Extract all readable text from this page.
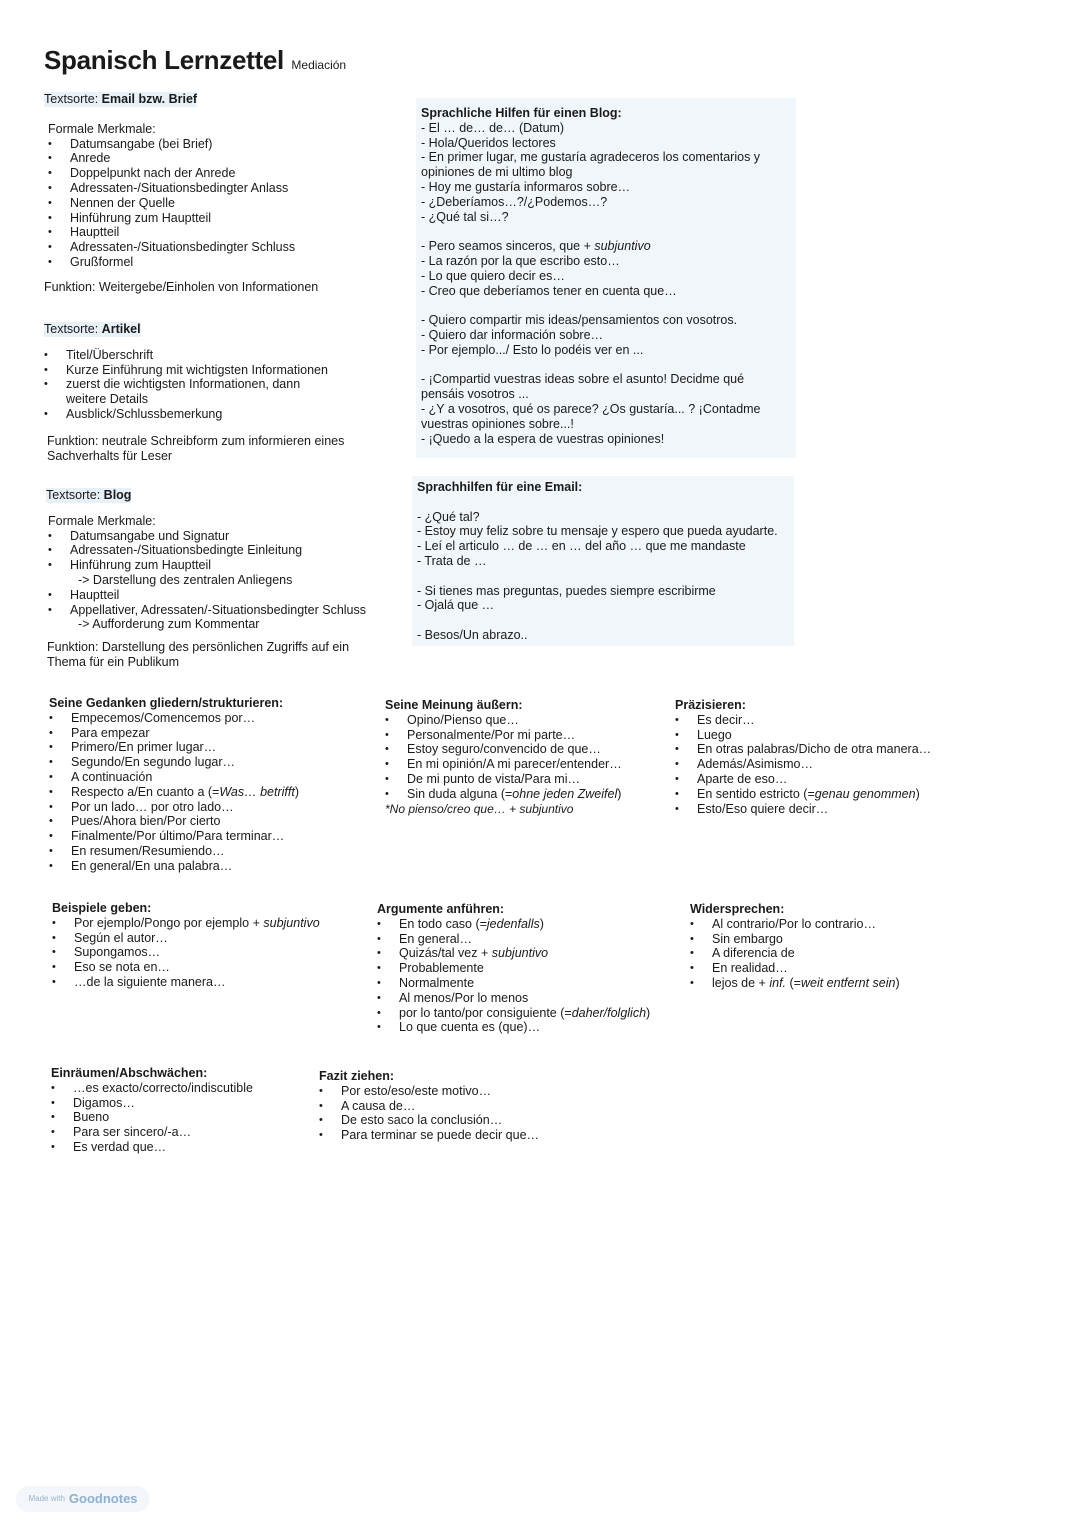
Spanisch Lernzettel Mediación
Textsorte: Email bzw. Brief
Formale Merkmale:
• Datumsangabe (bei Brief)
• Anrede
• Doppelpunkt nach der Anrede
• Adressaten-/Situationsbedingter Anlass
• Nennen der Quelle
• Hinführung zum Hauptteil
• Hauptteil
• Adressaten-/Situationsbedingter Schluss
• Grußformel
Funktion: Weitergebe/Einholen von Informationen
Textsorte: Artikel
• Titel/Überschrift
• Kurze Einführung mit wichtigsten Informationen
• zuerst die wichtigsten Informationen, dann
weitere Details
• Ausblick/Schlussbemerkung
Funktion: neutrale Schreibform zum informieren eines
Sachverhalts für Leser
Textsorte: Blog
Formale Merkmale:
• Datumsangabe und Signatur
• Adressaten-/Situationsbedingte Einleitung
• Hinführung zum Hauptteil
-> Darstellung des zentralen Anliegens
• Hauptteil
• Appellativer, Adressaten/-Situationsbedingter Schluss
-> Aufforderung zum Kommentar
Funktion: Darstellung des persönlichen Zugriffs auf ein
Thema für ein Publikum
Sprachliche Hilfen für einen Blog:
- El … de… de… (Datum)
- Hola/Queridos lectores
- En primer lugar, me gustaría agradeceros los comentarios y
opiniones de mi ultimo blog
- Hoy me gustaría informaros sobre…
- ¿Deberíamos…?/¿Podemos…?
- ¿Qué tal si…?
- Pero seamos sinceros, que + subjuntivo
- La razón por la que escribo esto…
- Lo que quiero decir es…
- Creo que deberíamos tener en cuenta que…
- Quiero compartir mis ideas/pensamientos con vosotros.
- Quiero dar información sobre…
- Por ejemplo.../ Esto lo podéis ver en ...
- ¡Compartid vuestras ideas sobre el asunto! Decidme qué
pensáis vosotros ...
- ¿Y a vosotros, qué os parece? ¿Os gustaría... ? ¡Contadme
vuestras opiniones sobre...!
- ¡Quedo a la espera de vuestras opiniones!
Sprachhilfen für eine Email:
- ¿Qué tal?
- Estoy muy feliz sobre tu mensaje y espero que pueda ayudarte.
- Leí el articulo … de … en … del año … que me mandaste
- Trata de …
- Si tienes mas preguntas, puedes siempre escribirme
- Ojalá que …
- Besos/Un abrazo..
Seine Gedanken gliedern/strukturieren:
• Empecemos/Comencemos por…
• Para empezar
• Primero/En primer lugar…
• Segundo/En segundo lugar…
• A continuación
• Respecto a/En cuanto a (=Was… betrifft)
• Por un lado… por otro lado…
• Pues/Ahora bien/Por cierto
• Finalmente/Por último/Para terminar…
• En resumen/Resumiendo…
• En general/En una palabra…
Seine Meinung äußern:
• Opino/Pienso que…
• Personalmente/Por mi parte…
• Estoy seguro/convencido de que…
• En mi opinión/A mi parecer/entender…
• De mi punto de vista/Para mi…
• Sin duda alguna (=ohne jeden Zweifel)
*No pienso/creo que… + subjuntivo
Präzisieren:
• Es decir…
• Luego
• En otras palabras/Dicho de otra manera…
• Además/Asimismo…
• Aparte de eso…
• En sentido estricto (=genau genommen)
• Esto/Eso quiere decir…
Beispiele geben:
• Por ejemplo/Pongo por ejemplo + subjuntivo
• Según el autor…
• Supongamos…
• Eso se nota en…
• …de la siguiente manera…
Argumente anführen:
• En todo caso (=jedenfalls)
• En general…
• Quizás/tal vez + subjuntivo
• Probablemente
• Normalmente
• Al menos/Por lo menos
• por lo tanto/por consiguiente (=daher/folglich)
• Lo que cuenta es (que)…
Widersprechen:
• Al contrario/Por lo contrario…
• Sin embargo
• A diferencia de
• En realidad…
• lejos de + inf. (=weit entfernt sein)
Einräumen/Abschwächen:
• …es exacto/correcto/indiscutible
• Digamos…
• Bueno
• Para ser sincero/-a…
• Es verdad que…
Fazit ziehen:
• Por esto/eso/este motivo…
• A causa de…
• De esto saco la conclusión…
• Para terminar se puede decir que…
Made with Goodnotes
